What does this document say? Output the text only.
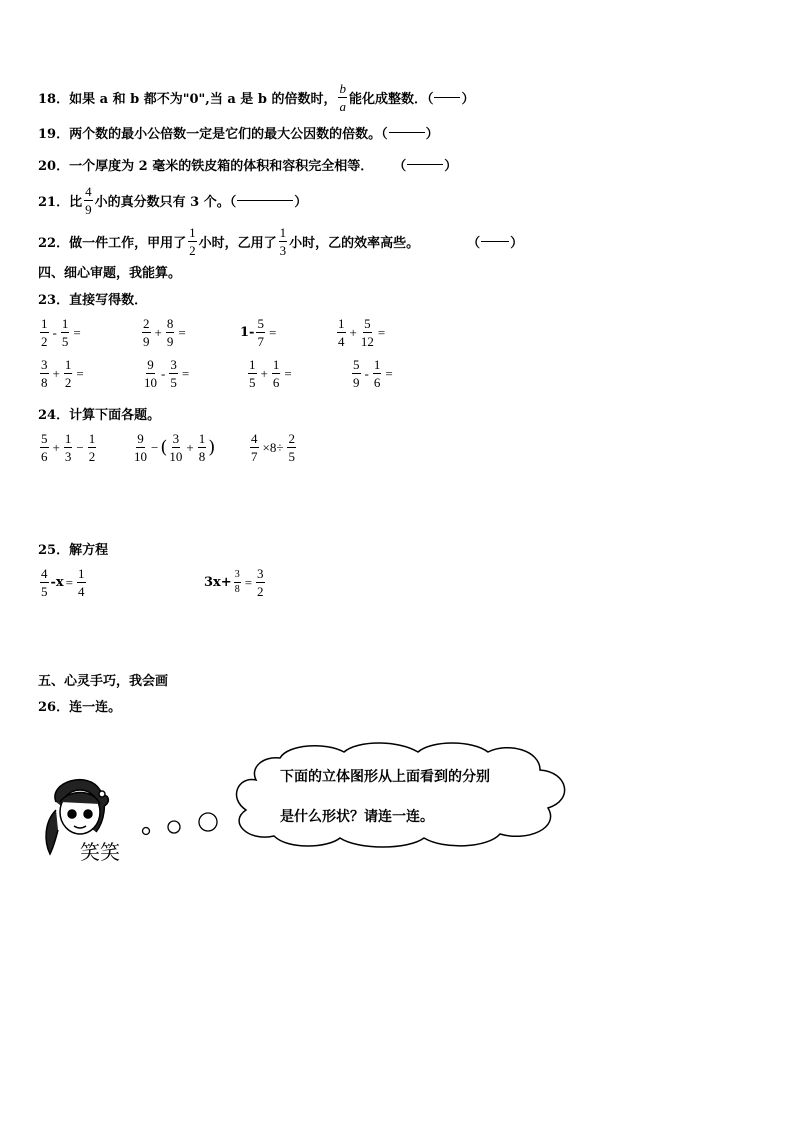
18． 如果 a 和 b 都不为"0",当 a 是 b 的倍数时， $\frac{b}{a}$ 能化成整数．（ ）
19． 两个数的最小公倍数一定是它们的最大公因数的倍数。（	）
20． 一个厚度为 2 毫米的铁皮箱的体积和容积完全相等． （	）
21． 比 $\frac{4}{9}$ 小的真分数只有 3 个。（	）
22． 做一件工作，甲用了 $\frac{1}{2}$ 小时，乙用了 $\frac{1}{3}$ 小时，乙的效率高些。	（ ）
四、细心审题，我能算。
23．直接写得数．
$\frac{1}{2} - \frac{1}{5}$ =	$\frac{2}{9} + \frac{8}{9}$ =	$1- \frac{5}{7}$ =	$\frac{1}{4} + \frac{5}{12}$ =
$\frac{3}{8} + \frac{1}{2}$ =	$\frac{9}{10} - \frac{3}{5}$ =	$\frac{1}{5} + \frac{1}{6}$ =	$\frac{5}{9} - \frac{1}{6}$ =
24．计算下面各题。
$\frac{5}{6} + \frac{1}{3} - \frac{1}{2}$	$\frac{9}{10}$ − ( $\frac{3}{10} + \frac{1}{8}$ )	$\frac{4}{7} \times 8\div \frac{2}{5}$
25．解方程
$\frac{4}{5} -x = \frac{1}{4}$	$3x+ \frac{3}{8} = \frac{3}{2}$
五、心灵手巧，我会画
26．连一连。
笑笑
下面的立体图形从上面看到的分别
是什么形状？请连一连。
